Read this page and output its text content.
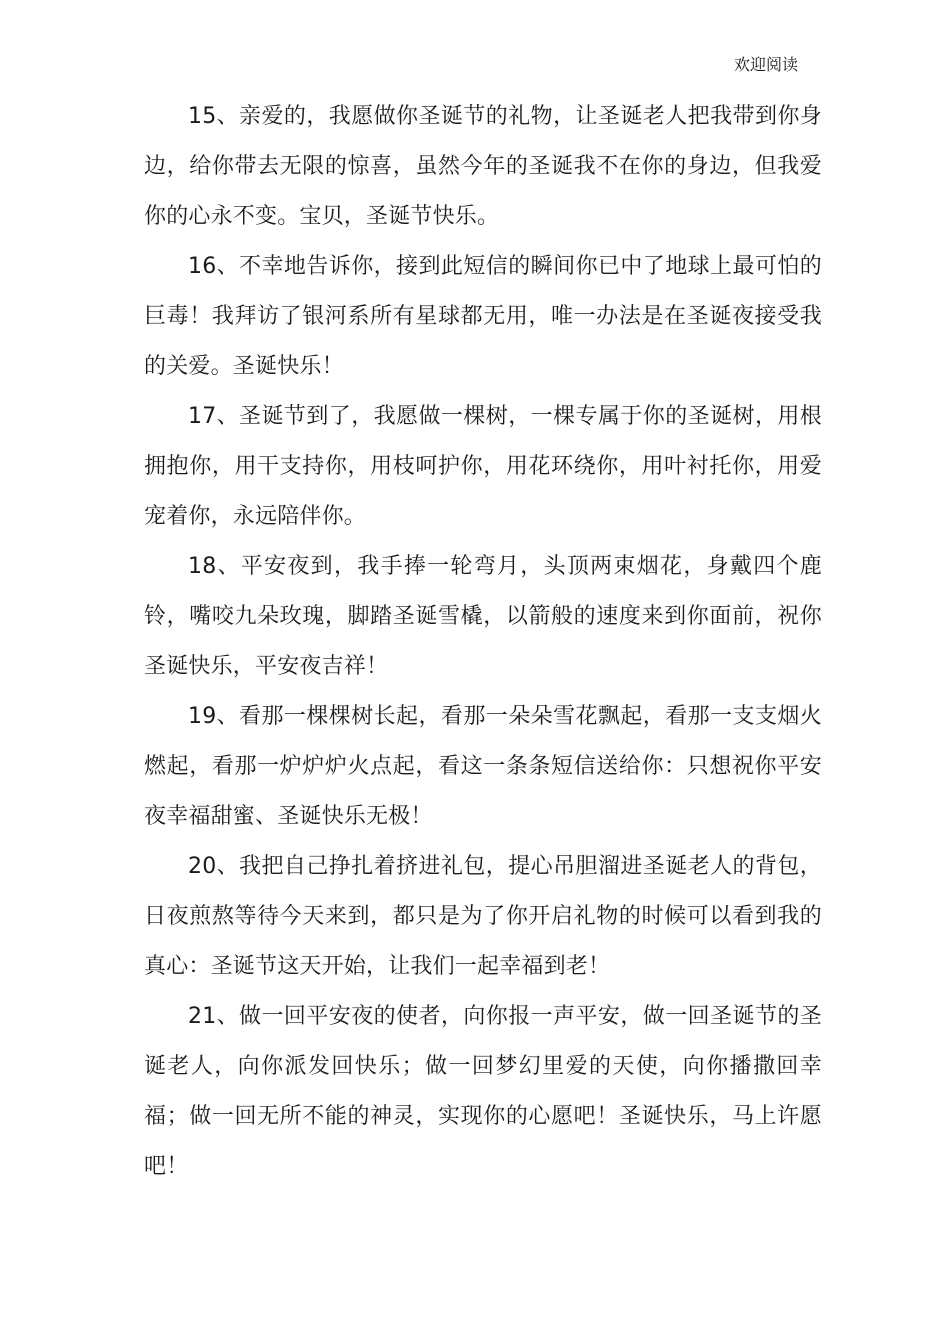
欢迎阅读

15、亲爱的，我愿做你圣诞节的礼物，让圣诞老人把我带到你身边，给你带去无限的惊喜，虽然今年的圣诞我不在你的身边，但我爱你的心永不变。宝贝，圣诞节快乐。

16、不幸地告诉你，接到此短信的瞬间你已中了地球上最可怕的巨毒！我拜访了银河系所有星球都无用，唯一办法是在圣诞夜接受我的关爱。圣诞快乐！

17、圣诞节到了，我愿做一棵树，一棵专属于你的圣诞树，用根拥抱你，用干支持你，用枝呵护你，用花环绕你，用叶衬托你，用爱宠着你，永远陪伴你。

18、平安夜到，我手捧一轮弯月，头顶两束烟花，身戴四个鹿铃，嘴咬九朵玫瑰，脚踏圣诞雪橇，以箭般的速度来到你面前，祝你圣诞快乐，平安夜吉祥！

19、看那一棵棵树长起，看那一朵朵雪花飘起，看那一支支烟火燃起，看那一炉炉炉火点起，看这一条条短信送给你：只想祝你平安夜幸福甜蜜、圣诞快乐无极！

20、我把自己挣扎着挤进礼包，提心吊胆溜进圣诞老人的背包，日夜煎熬等待今天来到，都只是为了你开启礼物的时候可以看到我的真心：圣诞节这天开始，让我们一起幸福到老！

21、做一回平安夜的使者，向你报一声平安，做一回圣诞节的圣诞老人，向你派发回快乐；做一回梦幻里爱的天使，向你播撒回幸福；做一回无所不能的神灵，实现你的心愿吧！圣诞快乐，马上许愿吧！
